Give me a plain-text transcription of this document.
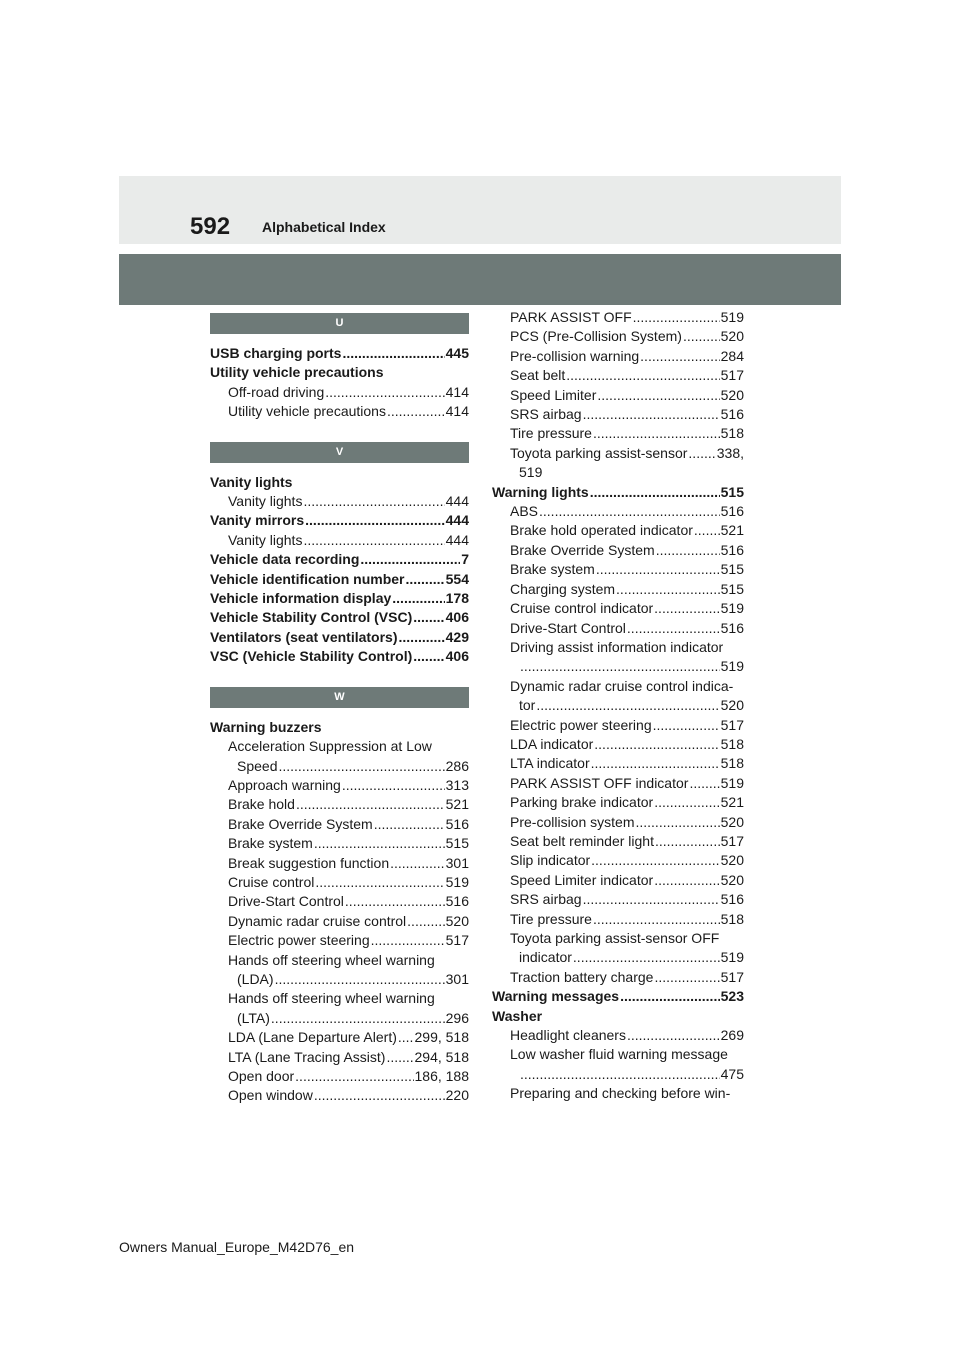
592 Alphabetical Index
U
USB charging ports .....	445
Utility vehicle precautions
Off-road driving .....	414
Utility vehicle precautions .....	414
V
Vanity lights
Vanity lights .....	444
Vanity mirrors .....	444
Vanity lights .....	444
Vehicle data recording .....	7
Vehicle identification number .....	554
Vehicle information display .....	178
Vehicle Stability Control (VSC) ..... 406
Ventilators (seat ventilators) .....	429
VSC (Vehicle Stability Control) ..... 406
W
Warning buzzers
Acceleration Suppression at Low
Speed .....	286
Approach warning .....	313
Brake hold .....	521
Brake Override System .....	516
Brake system .....	515
Break suggestion function .....	301
Cruise control .....	519
Drive-Start Control .....	516
Dynamic radar cruise control .....	520
Electric power steering .....	517
Hands off steering wheel warning
(LDA) .....	301
Hands off steering wheel warning
(LTA) .....	296
LDA (Lane Departure Alert) ..... 299, 518
LTA (Lane Tracing Assist) ..... 294, 518
Open door .....	186, 188
Open window .....	220
PARK ASSIST OFF .....	519
PCS (Pre-Collision System) .....	520
Pre-collision warning .....	284
Seat belt .....	517
Speed Limiter .....	520
SRS airbag .....	516
Tire pressure .....	518
Toyota parking assist-sensor ..... 338,
519
Warning lights .....	515
ABS .....	516
Brake hold operated indicator ..... 521
Brake Override System .....	516
Brake system .....	515
Charging system .....	515
Cruise control indicator .....	519
Drive-Start Control .....	516
Driving assist information indicator
.....
519
Dynamic radar cruise control indica-
tor .....	520
Electric power steering .....	517
LDA indicator .....	518
LTA indicator .....	518
PARK ASSIST OFF indicator ..... 519
Parking brake indicator .....	521
Pre-collision system .....	520
Seat belt reminder light .....	517
Slip indicator .....	520
Speed Limiter indicator .....	520
SRS airbag .....	516
Tire pressure .....	518
Toyota parking assist-sensor OFF
indicator .....	519
Traction battery charge .....	517
Warning messages .....	523
Washer
Headlight cleaners .....	269
Low washer fluid warning message
.....
475
Preparing and checking before win-
Owners Manual_Europe_M42D76_en
